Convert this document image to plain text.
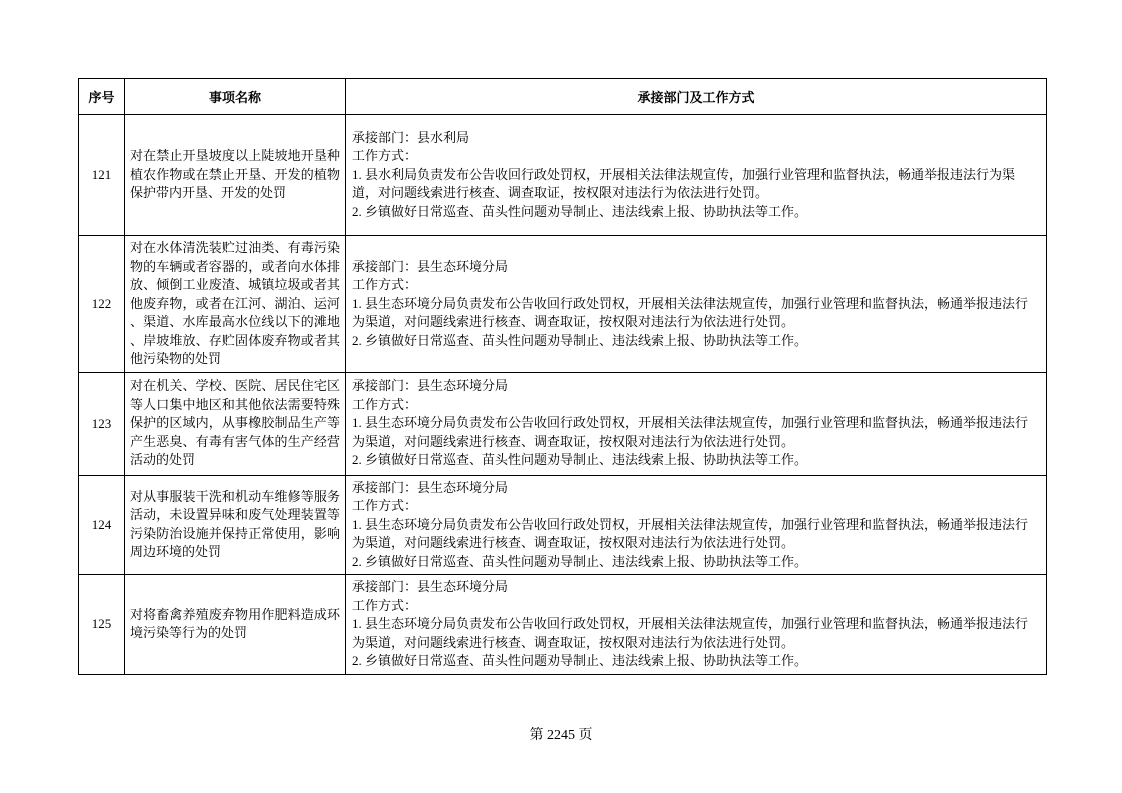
序号	事项名称	承接部门及工作方式
121	对在禁止开垦坡度以上陡坡地开垦种植农作物或在禁止开垦、开发的植物保护带内开垦、开发的处罚	承接部门：县水利局
工作方式：
1. 县水利局负责发布公告收回行政处罚权，开展相关法律法规宣传，加强行业管理和监督执法，畅通举报违法行为渠道，对问题线索进行核查、调查取证，按权限对违法行为依法进行处罚。
2. 乡镇做好日常巡查、苗头性问题劝导制止、违法线索上报、协助执法等工作。

122	对在水体清洗装贮过油类、有毒污染物的车辆或者容器的，或者向水体排放、倾倒工业废渣、城镇垃圾或者其他废弃物，或者在江河、湖泊、运河、渠道、水库最高水位线以下的滩地、岸坡堆放、存贮固体废弃物或者其他污染物的处罚	承接部门：县生态环境分局
工作方式：
1. 县生态环境分局负责发布公告收回行政处罚权，开展相关法律法规宣传，加强行业管理和监督执法，畅通举报违法行为渠道，对问题线索进行核查、调查取证，按权限对违法行为依法进行处罚。
2. 乡镇做好日常巡查、苗头性问题劝导制止、违法线索上报、协助执法等工作。

123	对在机关、学校、医院、居民住宅区等人口集中地区和其他依法需要特殊保护的区域内，从事橡胶制品生产等产生恶臭、有毒有害气体的生产经营活动的处罚	承接部门：县生态环境分局
工作方式：
1. 县生态环境分局负责发布公告收回行政处罚权，开展相关法律法规宣传，加强行业管理和监督执法，畅通举报违法行为渠道，对问题线索进行核查、调查取证，按权限对违法行为依法进行处罚。
2. 乡镇做好日常巡查、苗头性问题劝导制止、违法线索上报、协助执法等工作。

124	对从事服装干洗和机动车维修等服务活动，未设置异味和废气处理装置等污染防治设施并保持正常使用，影响周边环境的处罚	承接部门：县生态环境分局
工作方式：
1. 县生态环境分局负责发布公告收回行政处罚权，开展相关法律法规宣传，加强行业管理和监督执法，畅通举报违法行为渠道，对问题线索进行核查、调查取证，按权限对违法行为依法进行处罚。
2. 乡镇做好日常巡查、苗头性问题劝导制止、违法线索上报、协助执法等工作。

125	对将畜禽养殖废弃物用作肥料造成环境污染等行为的处罚	承接部门：县生态环境分局
工作方式：
1. 县生态环境分局负责发布公告收回行政处罚权，开展相关法律法规宣传，加强行业管理和监督执法，畅通举报违法行为渠道，对问题线索进行核查、调查取证，按权限对违法行为依法进行处罚。
2. 乡镇做好日常巡查、苗头性问题劝导制止、违法线索上报、协助执法等工作。
第 2245 页
